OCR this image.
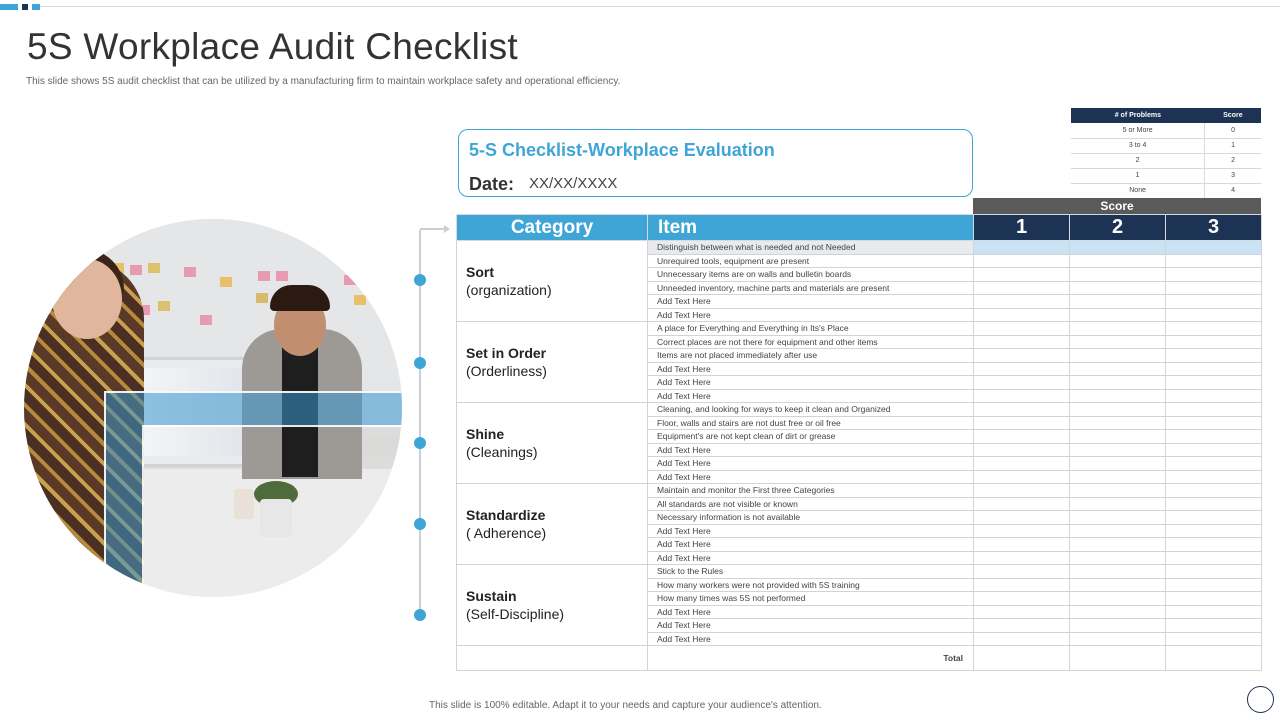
5S Workplace Audit Checklist

This slide shows 5S audit checklist that can be utilized by a manufacturing firm to maintain workplace safety and operational efficiency.

5-S Checklist-Workplace Evaluation
Date: XX/XX/XXXX
# of Problems	Score
5 or More	0
3 to 4	1
2	2
1	3
None	4
Score
Category	Item	1	2	3

Sort
(organization)	Distinguish between what is needed and not Needed			
	Unrequired tools, equipment are present			
	Unnecessary items are on walls and bulletin boards			
	Unneeded inventory, machine parts and materials are present			
	Add Text Here			
	Add Text Here			

Set in Order
(Orderliness)	A place for Everything and Everything in Its's Place			
	Correct places are not there for equipment and other items			
	Items are not placed immediately after use			
	Add Text Here			
	Add Text Here			
	Add Text Here			

Shine
(Cleanings)	Cleaning, and looking for ways to keep it clean and Organized			
	Floor, walls and stairs are not dust free or oil free			
	Equipment's are not kept clean of dirt or grease			
	Add Text Here			
	Add Text Here			
	Add Text Here			

Standardize
( Adherence)	Maintain and monitor the First three Categories			
	All standards are not visible or known			
	Necessary information is not available			
	Add Text Here			
	Add Text Here			
	Add Text Here			

Sustain
(Self-Discipline)	Stick to the Rules			
	How many workers were not provided with 5S training			
	How many times was 5S not performed			
	Add Text Here			
	Add Text Here			
	Add Text Here			
	Total			

This slide is 100% editable. Adapt it to your needs and capture your audience's attention.
